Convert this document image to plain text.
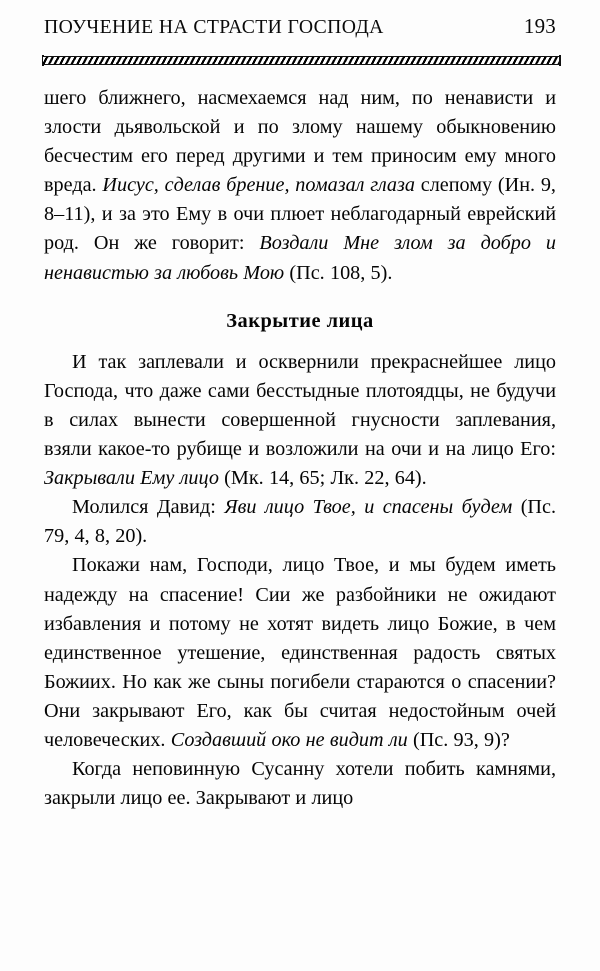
ПОУЧЕНИЕ НА СТРАСТИ ГОСПОДА	193

шего ближнего, насмехаемся над ним, по ненависти и злости дьявольской и по злому нашему обыкновению бесчестим его перед другими и тем приносим ему много вреда. Иисус, сделав брение, помазал глаза слепому (Ин. 9, 8–11), и за это Ему в очи плюет неблагодарный еврейский род. Он же говорит: Воздали Мне злом за добро и ненавистью за любовь Мою (Пс. 108, 5).

Закрытие лица

И так заплевали и осквернили прекраснейшее лицо Господа, что даже сами бесстыдные плотоядцы, не будучи в силах вынести совершенной гнусности заплевания, взяли какое-то рубище и возложили на очи и на лицо Его: Закрывали Ему лицо (Мк. 14, 65; Лк. 22, 64).

Молился Давид: Яви лицо Твое, и спасены будем (Пс. 79, 4, 8, 20).

Покажи нам, Господи, лицо Твое, и мы будем иметь надежду на спасение! Сии же разбойники не ожидают избавления и потому не хотят видеть лицо Божие, в чем единственное утешение, единственная радость святых Божиих. Но как же сыны погибели стараются о спасении? Они закрывают Его, как бы считая недостойным очей человеческих. Создавший око не видит ли (Пс. 93, 9)?

Когда неповинную Сусанну хотели побить камнями, закрыли лицо ее. Закрывают и лицо
